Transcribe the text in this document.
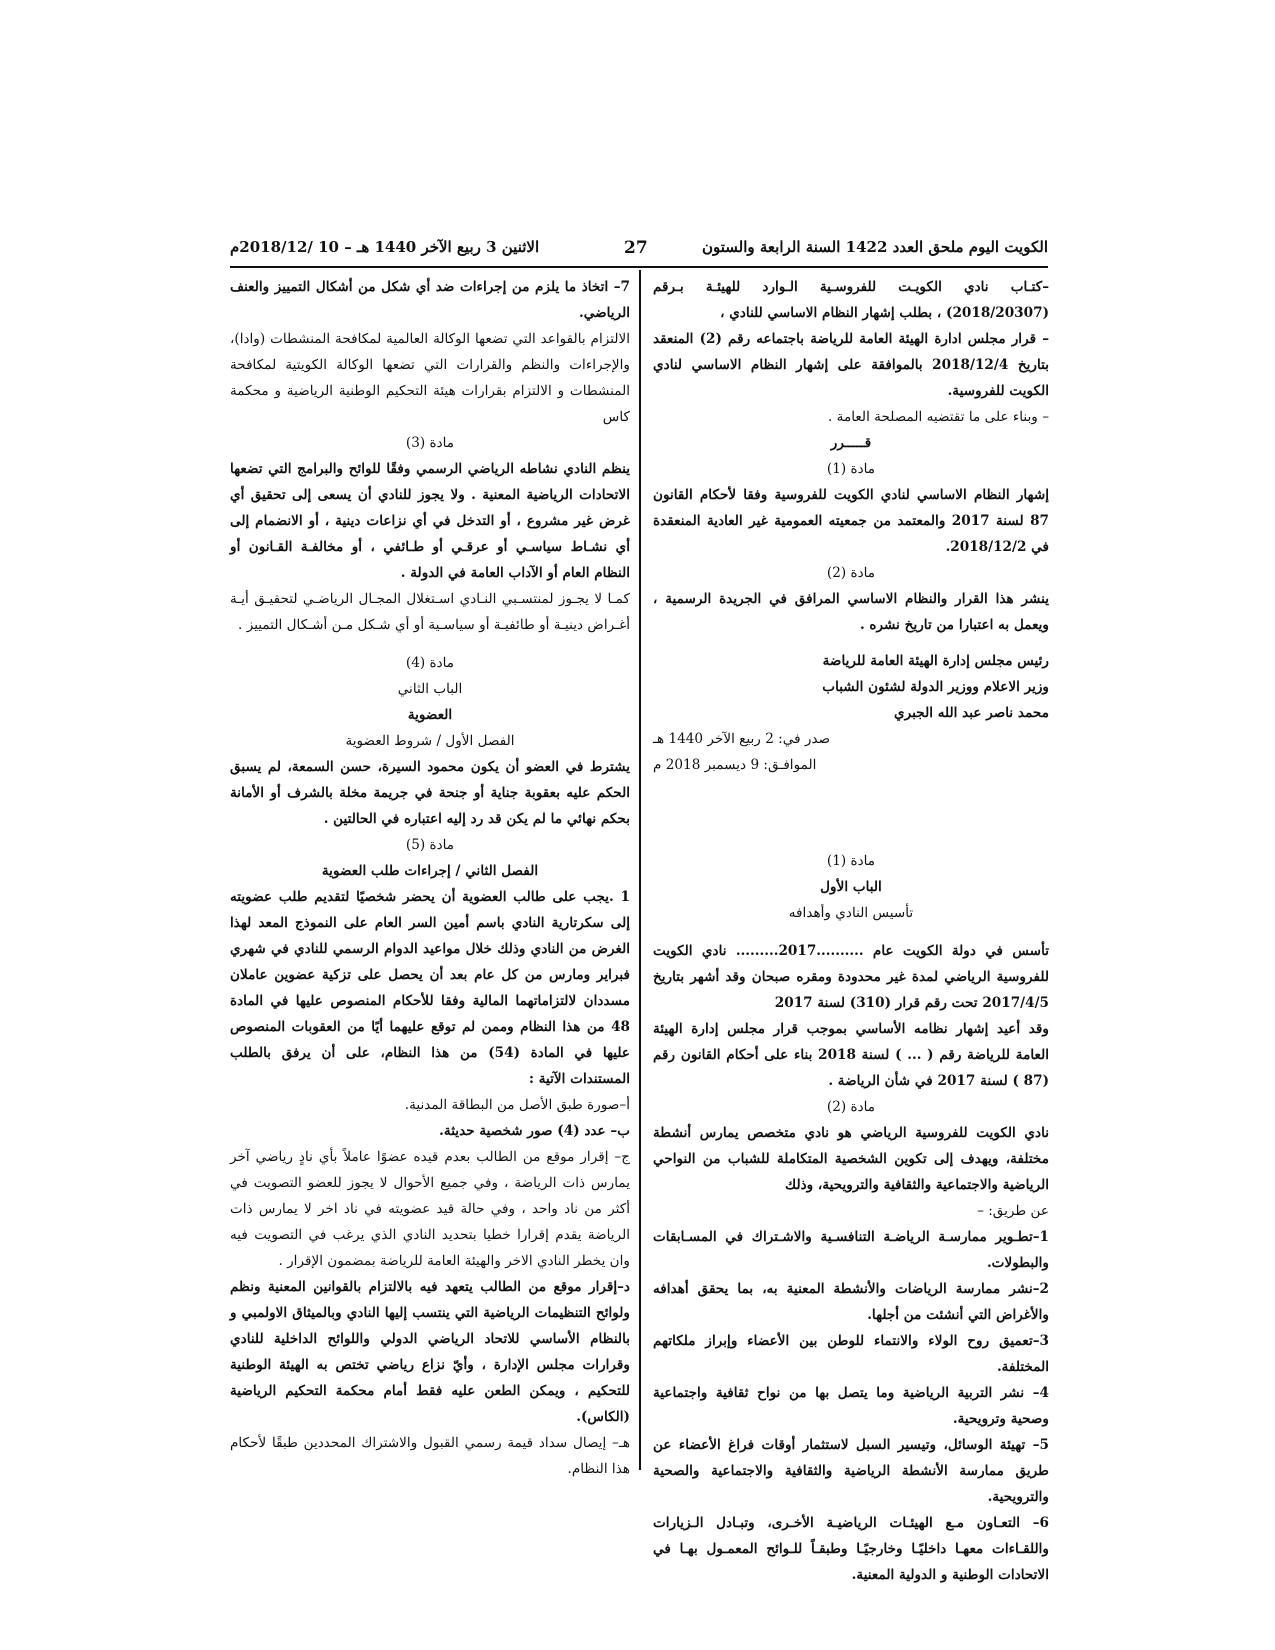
الكويت اليوم ملحق العدد 1422 السنة الرابعة والستون
27
الاثنين 3 ربيع الآخر 1440 هـ – 10 /2018/12م

–كتـاب نادي الكويـت للفروسـية الـوارد للهيئـة بـرقم (2018/20307) ، بطلب إشهار النظام الاساسي للنادي ،

– قرار مجلس ادارة الهيئة العامة للرياضة باجتماعه رقم (2) المنعقد بتاريخ 2018/12/4 بالموافقة على إشهار النظام الاساسي لنادي الكويت للفروسية.

– وبناء على ما تقتضيه المصلحة العامة .

قـــــرر

مادة (1)

إشهار النظام الاساسي لنادي الكويت للفروسية وفقا لأحكام القانون 87 لسنة 2017 والمعتمد من جمعيته العمومية غير العادية المنعقدة في 2018/12/2.

مادة (2)

ينشر هذا القرار والنظام الاساسي المرافق في الجريدة الرسمية ، ويعمل به اعتبارا من تاريخ نشره .

رئيس مجلس إدارة الهيئة العامة للرياضة

وزير الاعلام ووزير الدولة لشئون الشباب

محمد ناصر عبد الله الجبري

صدر في: 2 ربيع الآخر 1440 هـ

الموافـق: 9 ديسمبر 2018 م

مادة (1)

الباب الأول

تأسيس النادي وأهدافه

تأسس في دولة الكويت عام ..........2017......... نادي الكويت للفروسية الرياضي لمدة غير محدودة ومقره صبحان وقد أشهر بتاريخ 2017/4/5 تحت رقم قرار (310) لسنة 2017

وقد أعيد إشهار نظامه الأساسي بموجب قرار مجلس إدارة الهيئة العامة للرياضة رقم ( ... ) لسنة 2018 بناء على أحكام القانون رقم (87 ) لسنة 2017 في شأن الرياضة .

مادة (2)

نادي الكويت للفروسية الرياضي هو نادي متخصص يمارس أنشطة مختلفة، ويهدف إلى تكوين الشخصية المتكاملة للشباب من النواحي الرياضية والاجتماعية والثقافية والترويحية، وذلك

عن طريق: –

1–تطـوير ممارسـة الرياضـة التنافسـية والاشـتراك في المسـابقات والبطولات.

2–نشر ممارسة الرياضات والأنشطة المعنية به، بما يحقق أهدافه والأغراض التي أنشئت من أجلها.

3–تعميق روح الولاء والانتماء للوطن بين الأعضاء وإبراز ملكاتهم المختلفة.

4– نشر التربية الرياضية وما يتصل بها من نواح ثقافية واجتماعية وصحية وترويحية.

5– تهيئة الوسائل، وتيسير السبل لاستثمار أوقات فراغ الأعضاء عن طريق ممارسة الأنشطة الرياضية والثقافية والاجتماعية والصحية والترويحية.

6– التعـاون مـع الهيئـات الرياضيـة الأخـرى، وتبـادل الـزيارات واللقـاءات معهـا داخليًـا وخارجيًـا وطبقـاً للـوائح المعمـول بهـا في الاتحادات الوطنية و الدولية المعنية.

7– اتخاذ ما يلزم من إجراءات ضد أي شكل من أشكال التمييز والعنف الرياضي.

الالتزام بالقواعد التي تضعها الوكالة العالمية لمكافحة المنشطات (وادا)، والإجراءات والنظم والقرارات التي تضعها الوكالة الكويتية لمكافحة المنشطات و الالتزام بقرارات هيئة التحكيم الوطنية الرياضية و محكمة كاس

مادة (3)

ينظم النادي نشاطه الرياضي الرسمي وفقًا للوائح والبرامج التي تضعها الاتحادات الرياضية المعنية . ولا يجوز للنادي أن يسعى إلى تحقيق أي غرض غير مشروع ، أو التدخل في أي نزاعات دينية ، أو الانضمام إلى أي نشـاط سياسـي أو عرقـي أو طـائفي ، أو مخالفـة القـانون أو النظام العام أو الآداب العامة في الدولة .

كمـا لا يجـوز لمنتسـبي النـادي اسـتغلال المجـال الرياضـي لتحقيـق أيـة أغـراض دينيـة أو طائفيـة أو سياسـية أو أي شـكل مـن أشـكال التمييز .

مادة (4)

الباب الثاني

العضوية

الفصل الأول / شروط العضوية

يشترط في العضو أن يكون محمود السيرة، حسن السمعة، لم يسبق الحكم عليه بعقوبة جناية أو جنحة في جريمة مخلة بالشرف أو الأمانة بحكم نهائي ما لم يكن قد رد إليه اعتباره في الحالتين .

مادة (5)

الفصل الثاني / إجراءات طلب العضوية

1 .يجب على طالب العضوية أن يحضر شخصيًا لتقديم طلب عضويته إلى سكرتارية النادي باسم أمين السر العام على النموذج المعد لهذا الغرض من النادي وذلك خلال مواعيد الدوام الرسمي للنادي في شهري فبراير ومارس من كل عام بعد أن يحصل على تزكية عضوين عاملان مسددان لالتزاماتهما المالية وفقا للأحكام المنصوص عليها في المادة 48 من هذا النظام وممن لم توقع عليهما أيًا من العقوبات المنصوص عليها في المادة (54) من هذا النظام، على أن يرفق بالطلب المستندات الآتية :

أ–صورة طبق الأصل من البطاقة المدنية.

ب– عدد (4) صور شخصية حديثة.

ج– إقرار موقع من الطالب بعدم قيده عضوًا عاملاً بأي نادٍ رياضي آخر يمارس ذات الرياضة ، وفي جميع الأحوال لا يجوز للعضو التصويت في أكثر من ناد واحد ، وفي حالة قيد عضويته في ناد اخر لا يمارس ذات الرياضة يقدم إقرارا خطيا بتحديد النادي الذي يرغب في التصويت فيه وان يخطر النادي الاخر والهيئة العامة للرياضة بمضمون الإقرار .

د–إقرار موقع من الطالب يتعهد فيه بالالتزام بالقوانين المعنية ونظم ولوائح التنظيمات الرياضية التي ينتسب إليها النادي وبالميثاق الاولمبي و بالنظام الأساسي للاتحاد الرياضي الدولي واللوائح الداخلية للنادي وقرارات مجلس الإدارة ، وأيّ نزاع رياضي تختص به الهيئة الوطنية للتحكيم ، ويمكن الطعن عليه فقط أمام محكمة التحكيم الرياضية (الكاس).

هـ– إيصال سداد قيمة رسمي القبول والاشتراك المحددين طبقًا لأحكام هذا النظام.
